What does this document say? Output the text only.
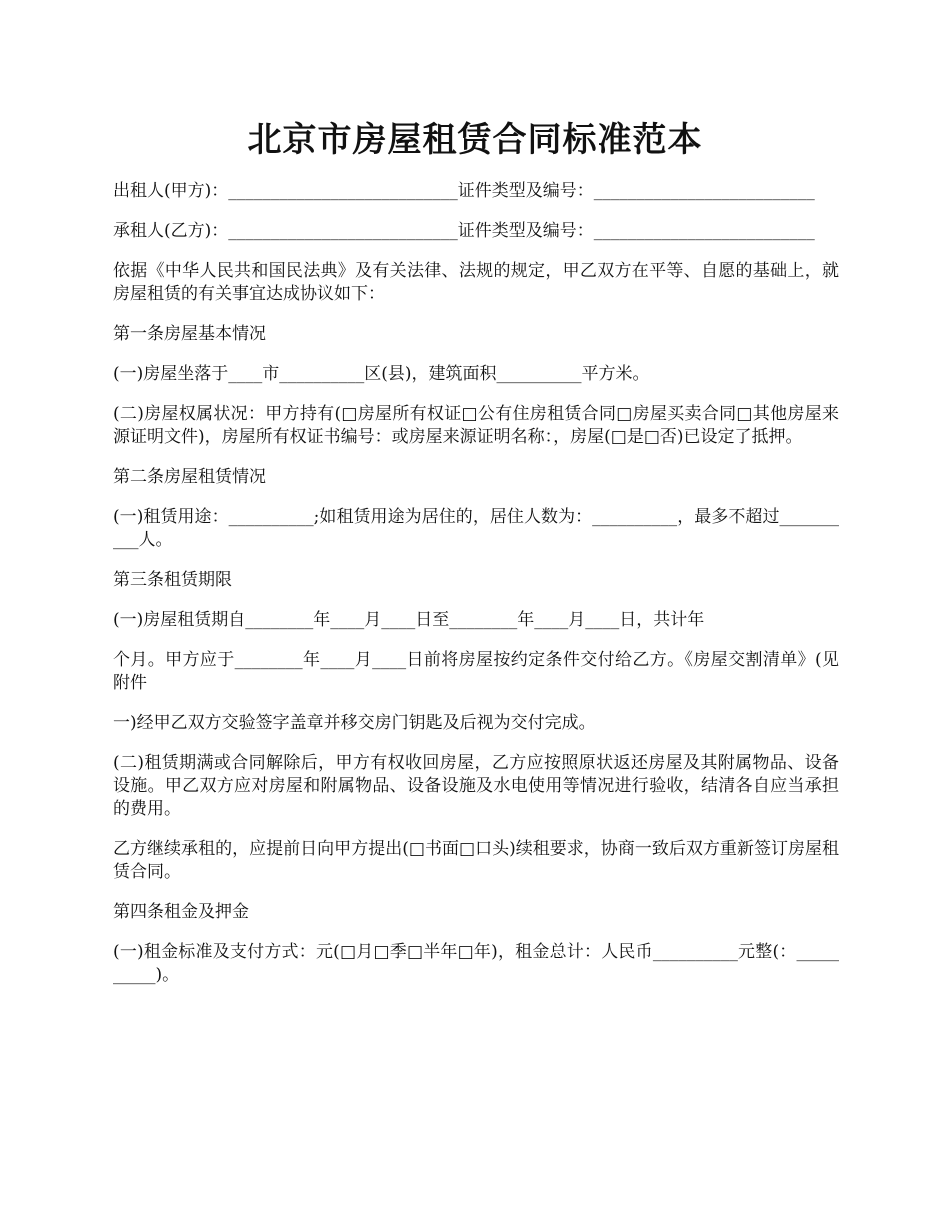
北京市房屋租赁合同标准范本

出租人(甲方)：___________________________证件类型及编号：__________________________

承租人(乙方)：___________________________证件类型及编号：__________________________

依据《中华人民共和国民法典》及有关法律、法规的规定，甲乙双方在平等、自愿的基础上，就房屋租赁的有关事宜达成协议如下：

第一条房屋基本情况

(一)房屋坐落于____市__________区(县)，建筑面积__________平方米。

(二)房屋权属状况：甲方持有(□房屋所有权证□公有住房租赁合同□房屋买卖合同□其他房屋来源证明文件)，房屋所有权证书编号：或房屋来源证明名称：，房屋(□是□否)已设定了抵押。

第二条房屋租赁情况

(一)租赁用途：__________;如租赁用途为居住的，居住人数为：__________，最多不超过__________人。

第三条租赁期限

(一)房屋租赁期自________年____月____日至________年____月____日，共计年

个月。甲方应于________年____月____日前将房屋按约定条件交付给乙方。《房屋交割清单》(见附件

一)经甲乙双方交验签字盖章并移交房门钥匙及后视为交付完成。

(二)租赁期满或合同解除后，甲方有权收回房屋，乙方应按照原状返还房屋及其附属物品、设备设施。甲乙双方应对房屋和附属物品、设备设施及水电使用等情况进行验收，结清各自应当承担的费用。

乙方继续承租的，应提前日向甲方提出(□书面□口头)续租要求，协商一致后双方重新签订房屋租赁合同。

第四条租金及押金

(一)租金标准及支付方式：元(□月□季□半年□年)，租金总计：人民币__________元整(：__________)。
